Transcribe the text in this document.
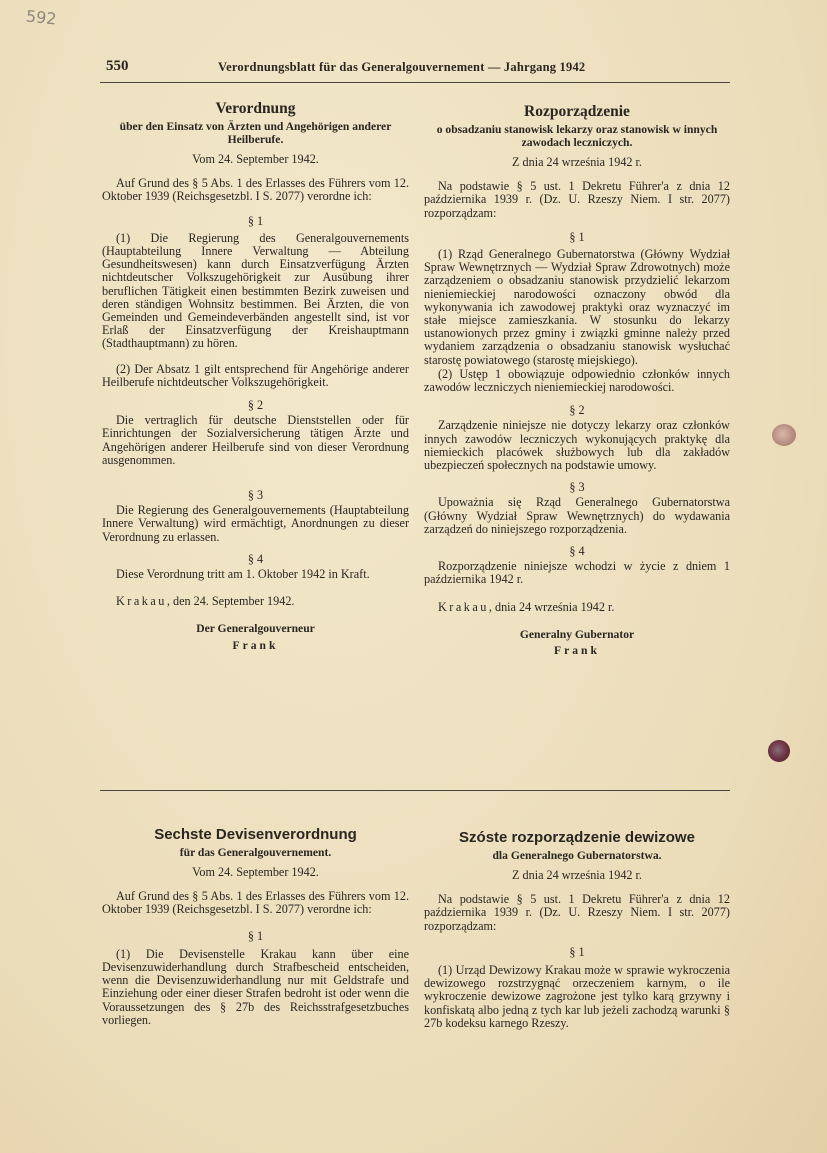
592
550	Verordnungsblatt für das Generalgouvernement — Jahrgang 1942

Verordnung

über den Einsatz von Ärzten und Angehörigen anderer Heilberufe.

Vom 24. September 1942.

Auf Grund des § 5 Abs. 1 des Erlasses des Führers vom 12. Oktober 1939 (Reichsgesetzbl. I S. 2077) verordne ich:

§ 1

(1) Die Regierung des Generalgouvernements (Hauptabteilung Innere Verwaltung — Abteilung Gesundheitswesen) kann durch Einsatzverfügung Ärzten nichtdeutscher Volkszugehörigkeit zur Ausübung ihrer beruflichen Tätigkeit einen bestimmten Bezirk zuweisen und deren ständigen Wohnsitz bestimmen. Bei Ärzten, die von Gemeinden und Gemeindeverbänden angestellt sind, ist vor Erlaß der Einsatzverfügung der Kreishauptmann (Stadthauptmann) zu hören.

(2) Der Absatz 1 gilt entsprechend für Angehörige anderer Heilberufe nichtdeutscher Volkszugehörigkeit.

§ 2

Die vertraglich für deutsche Dienststellen oder für Einrichtungen der Sozialversicherung tätigen Ärzte und Angehörigen anderer Heilberufe sind von dieser Verordnung ausgenommen.

§ 3

Die Regierung des Generalgouvernements (Hauptabteilung Innere Verwaltung) wird ermächtigt, Anordnungen zu dieser Verordnung zu erlassen.

§ 4

Diese Verordnung tritt am 1. Oktober 1942 in Kraft.

Krakau, den 24. September 1942.

Der Generalgouverneur

Frank

Rozporządzenie

o obsadzaniu stanowisk lekarzy oraz stanowisk w innych zawodach leczniczych.

Z dnia 24 września 1942 r.

Na podstawie § 5 ust. 1 Dekretu Führer'a z dnia 12 października 1939 r. (Dz. U. Rzeszy Niem. I str. 2077) rozporządzam:

§ 1

(1) Rząd Generalnego Gubernatorstwa (Główny Wydział Spraw Wewnętrznych — Wydział Spraw Zdrowotnych) może zarządzeniem o obsadzaniu stanowisk przydzielić lekarzom nieniemieckiej narodowości oznaczony obwód dla wykonywania ich zawodowej praktyki oraz wyznaczyć im stałe miejsce zamieszkania. W stosunku do lekarzy ustanowionych przez gminy i związki gminne należy przed wydaniem zarządzenia o obsadzaniu stanowisk wysłuchać starostę powiatowego (starostę miejskiego).

(2) Ustęp 1 obowiązuje odpowiednio członków innych zawodów leczniczych nieniemieckiej narodowości.

§ 2

Zarządzenie niniejsze nie dotyczy lekarzy oraz członków innych zawodów leczniczych wykonujących praktykę dla niemieckich placówek służbowych lub dla zakładów ubezpieczeń społecznych na podstawie umowy.

§ 3

Upoważnia się Rząd Generalnego Gubernatorstwa (Główny Wydział Spraw Wewnętrznych) do wydawania zarządzeń do niniejszego rozporządzenia.

§ 4

Rozporządzenie niniejsze wchodzi w życie z dniem 1 października 1942 r.

Krakau, dnia 24 września 1942 r.

Generalny Gubernator

Frank

Sechste Devisenverordnung

für das Generalgouvernement.

Vom 24. September 1942.

Auf Grund des § 5 Abs. 1 des Erlasses des Führers vom 12. Oktober 1939 (Reichsgesetzbl. I S. 2077) verordne ich:

§ 1

(1) Die Devisenstelle Krakau kann über eine Devisenzuwiderhandlung durch Strafbescheid entscheiden, wenn die Devisenzuwiderhandlung nur mit Geldstrafe und Einziehung oder einer dieser Strafen bedroht ist oder wenn die Voraussetzungen des § 27b des Reichsstrafgesetzbuches vorliegen.

Szóste rozporządzenie dewizowe

dla Generalnego Gubernatorstwa.

Z dnia 24 września 1942 r.

Na podstawie § 5 ust. 1 Dekretu Führer'a z dnia 12 października 1939 r. (Dz. U. Rzeszy Niem. I str. 2077) rozporządzam:

§ 1

(1) Urząd Dewizowy Krakau może w sprawie wykroczenia dewizowego rozstrzygnąć orzeczeniem karnym, o ile wykroczenie dewizowe zagrożone jest tylko karą grzywny i konfiskatą albo jedną z tych kar lub jeżeli zachodzą warunki § 27b kodeksu karnego Rzeszy.
